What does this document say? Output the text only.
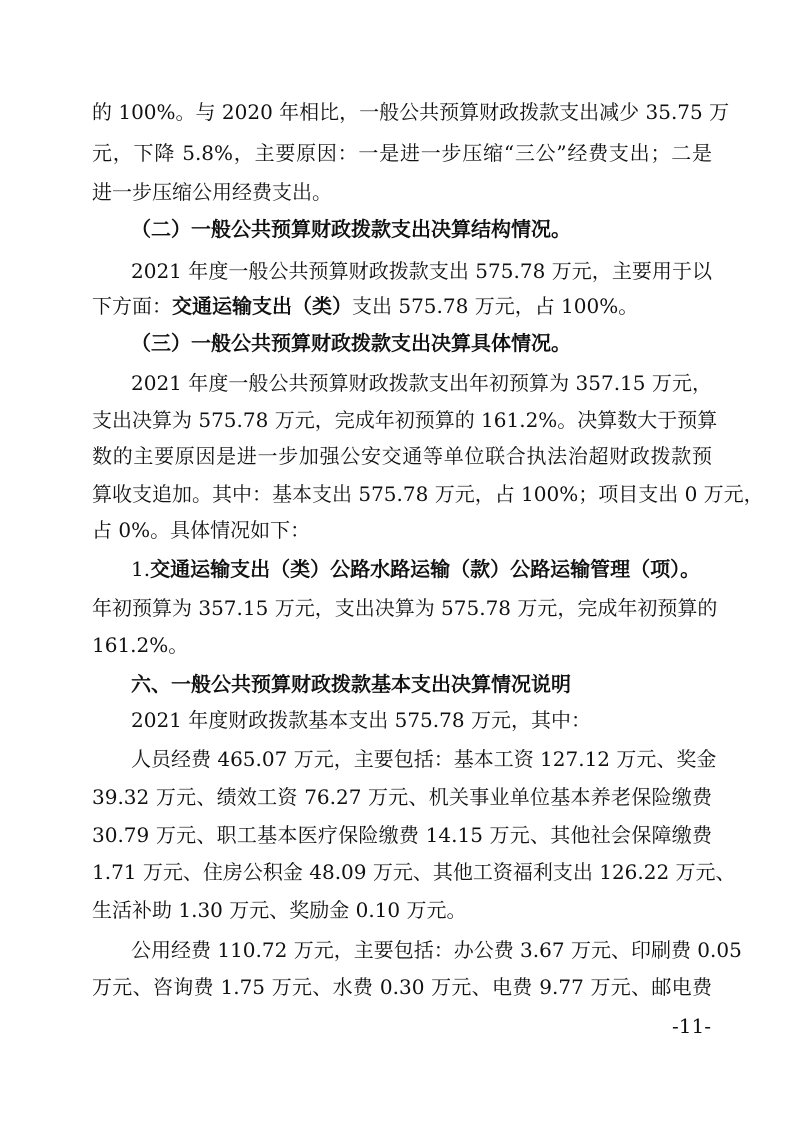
的 100%。与 2020 年相比，一般公共预算财政拨款支出减少 35.75 万
元，下降 5.8%，主要原因：一是进一步压缩“三公”经费支出；二是
进一步压缩公用经费支出。
（二）一般公共预算财政拨款支出决算结构情况。
2021 年度一般公共预算财政拨款支出 575.78 万元，主要用于以
下方面：交通运输支出（类）支出 575.78 万元，占 100%。
（三）一般公共预算财政拨款支出决算具体情况。
2021 年度一般公共预算财政拨款支出年初预算为 357.15 万元，
支出决算为 575.78 万元，完成年初预算的 161.2%。决算数大于预算
数的主要原因是进一步加强公安交通等单位联合执法治超财政拨款预
算收支追加。其中：基本支出 575.78 万元，占 100%；项目支出 0 万元，
占 0%。具体情况如下：
1.交通运输支出（类）公路水路运输（款）公路运输管理（项）。
年初预算为 357.15 万元，支出决算为 575.78 万元，完成年初预算的
161.2%。
六、一般公共预算财政拨款基本支出决算情况说明
2021 年度财政拨款基本支出 575.78 万元，其中：
人员经费 465.07 万元，主要包括：基本工资 127.12 万元、奖金
39.32 万元、绩效工资 76.27 万元、机关事业单位基本养老保险缴费
30.79 万元、职工基本医疗保险缴费 14.15 万元、其他社会保障缴费
1.71 万元、住房公积金 48.09 万元、其他工资福利支出 126.22 万元、
生活补助 1.30 万元、奖励金 0.10 万元。
公用经费 110.72 万元，主要包括：办公费 3.67 万元、印刷费 0.05
万元、咨询费 1.75 万元、水费 0.30 万元、电费 9.77 万元、邮电费
-11-
